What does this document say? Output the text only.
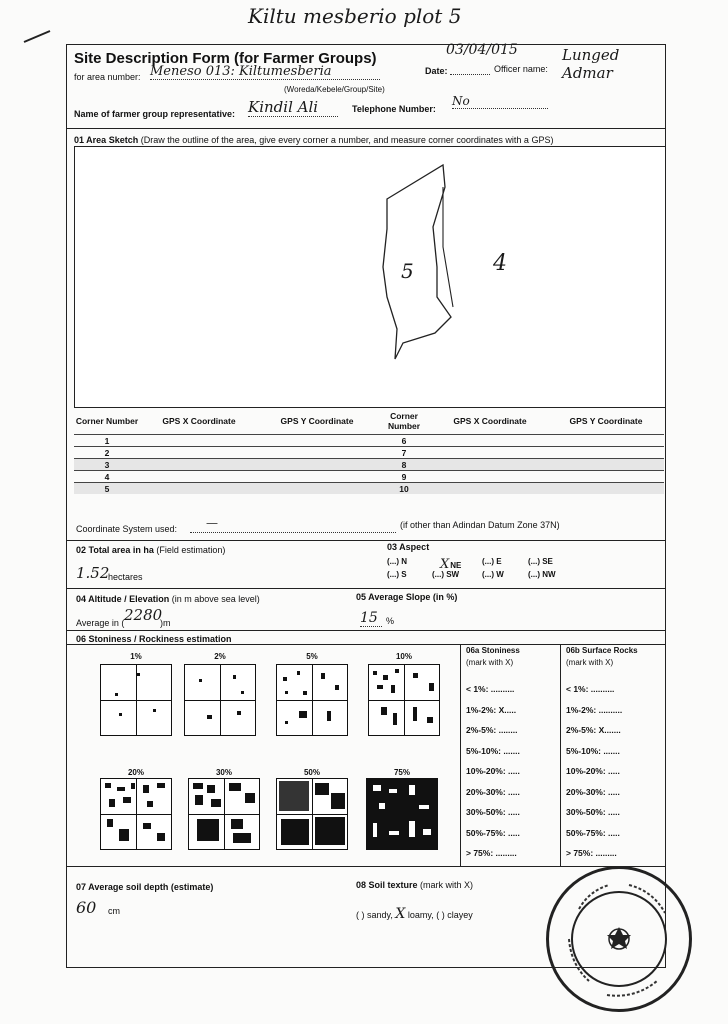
Kiltu mesberio plot 5
Site Description Form (for Farmer Groups)
for area number: Meneso 013: Kiltumesberia
(Woreda/Kebele/Group/Site)
Date:
03/04/015
Officer name:
Lunged Admar
Name of farmer group representative: Kindil Ali	Telephone Number:
No
01 Area Sketch (Draw the outline of the area, give every corner a number, and measure corner coordinates with a GPS)
5	4
Corner Number	GPS X Coordinate	GPS Y Coordinate	Corner Number	GPS X Coordinate	GPS Y Coordinate
1			6		
2			7		
3			8		
4			9		
5			10		
Coordinate System used: —	(if other than Adindan Datum Zone 37N)
02 Total area in ha (Field estimation)
1.52
hectares
03 Aspect
(...) N	XNE	(...) E	(...) SE
(...) S	(...) SW	(...) W	(...) NW
04 Altitude / Elevation (in m above sea level)
Average in ( 2280
)m
05 Average Slope (in %)
15 %
06 Stoniness / Rockiness estimation
1%	2%	5%	10%
20%	30%	50%	75%
06a Stoniness
(mark with X)
< 1%: ..........
1%-2%: X.....
2%-5%: ........
5%-10%: .......
10%-20%: .....
20%-30%: .....
30%-50%: .....
50%-75%: .....
> 75%: .........
06b Surface Rocks
(mark with X)
< 1%: ..........
1%-2%: ..........
2%-5%: X.......
5%-10%: .......
10%-20%: .....
20%-30%: .....
30%-50%: .....
50%-75%: .....
> 75%: .........
07 Average soil depth (estimate)
60 cm
08 Soil texture (mark with X)
( ) sandy, X loamy, ( ) clayey
